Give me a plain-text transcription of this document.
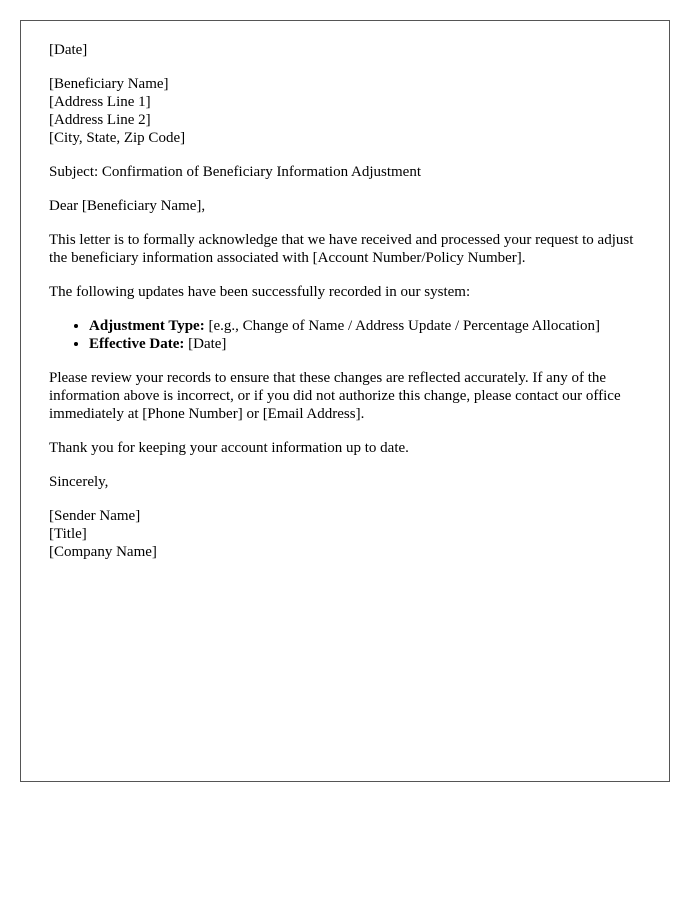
[Date]

[Beneficiary Name]
[Address Line 1]
[Address Line 2]
[City, State, Zip Code]

Subject: Confirmation of Beneficiary Information Adjustment

Dear [Beneficiary Name],

This letter is to formally acknowledge that we have received and processed your request to adjust the beneficiary information associated with [Account Number/Policy Number].

The following updates have been successfully recorded in our system:

• Adjustment Type: [e.g., Change of Name / Address Update / Percentage Allocation]
• Effective Date: [Date]

Please review your records to ensure that these changes are reflected accurately. If any of the information above is incorrect, or if you did not authorize this change, please contact our office immediately at [Phone Number] or [Email Address].

Thank you for keeping your account information up to date.

Sincerely,

[Sender Name]
[Title]
[Company Name]
